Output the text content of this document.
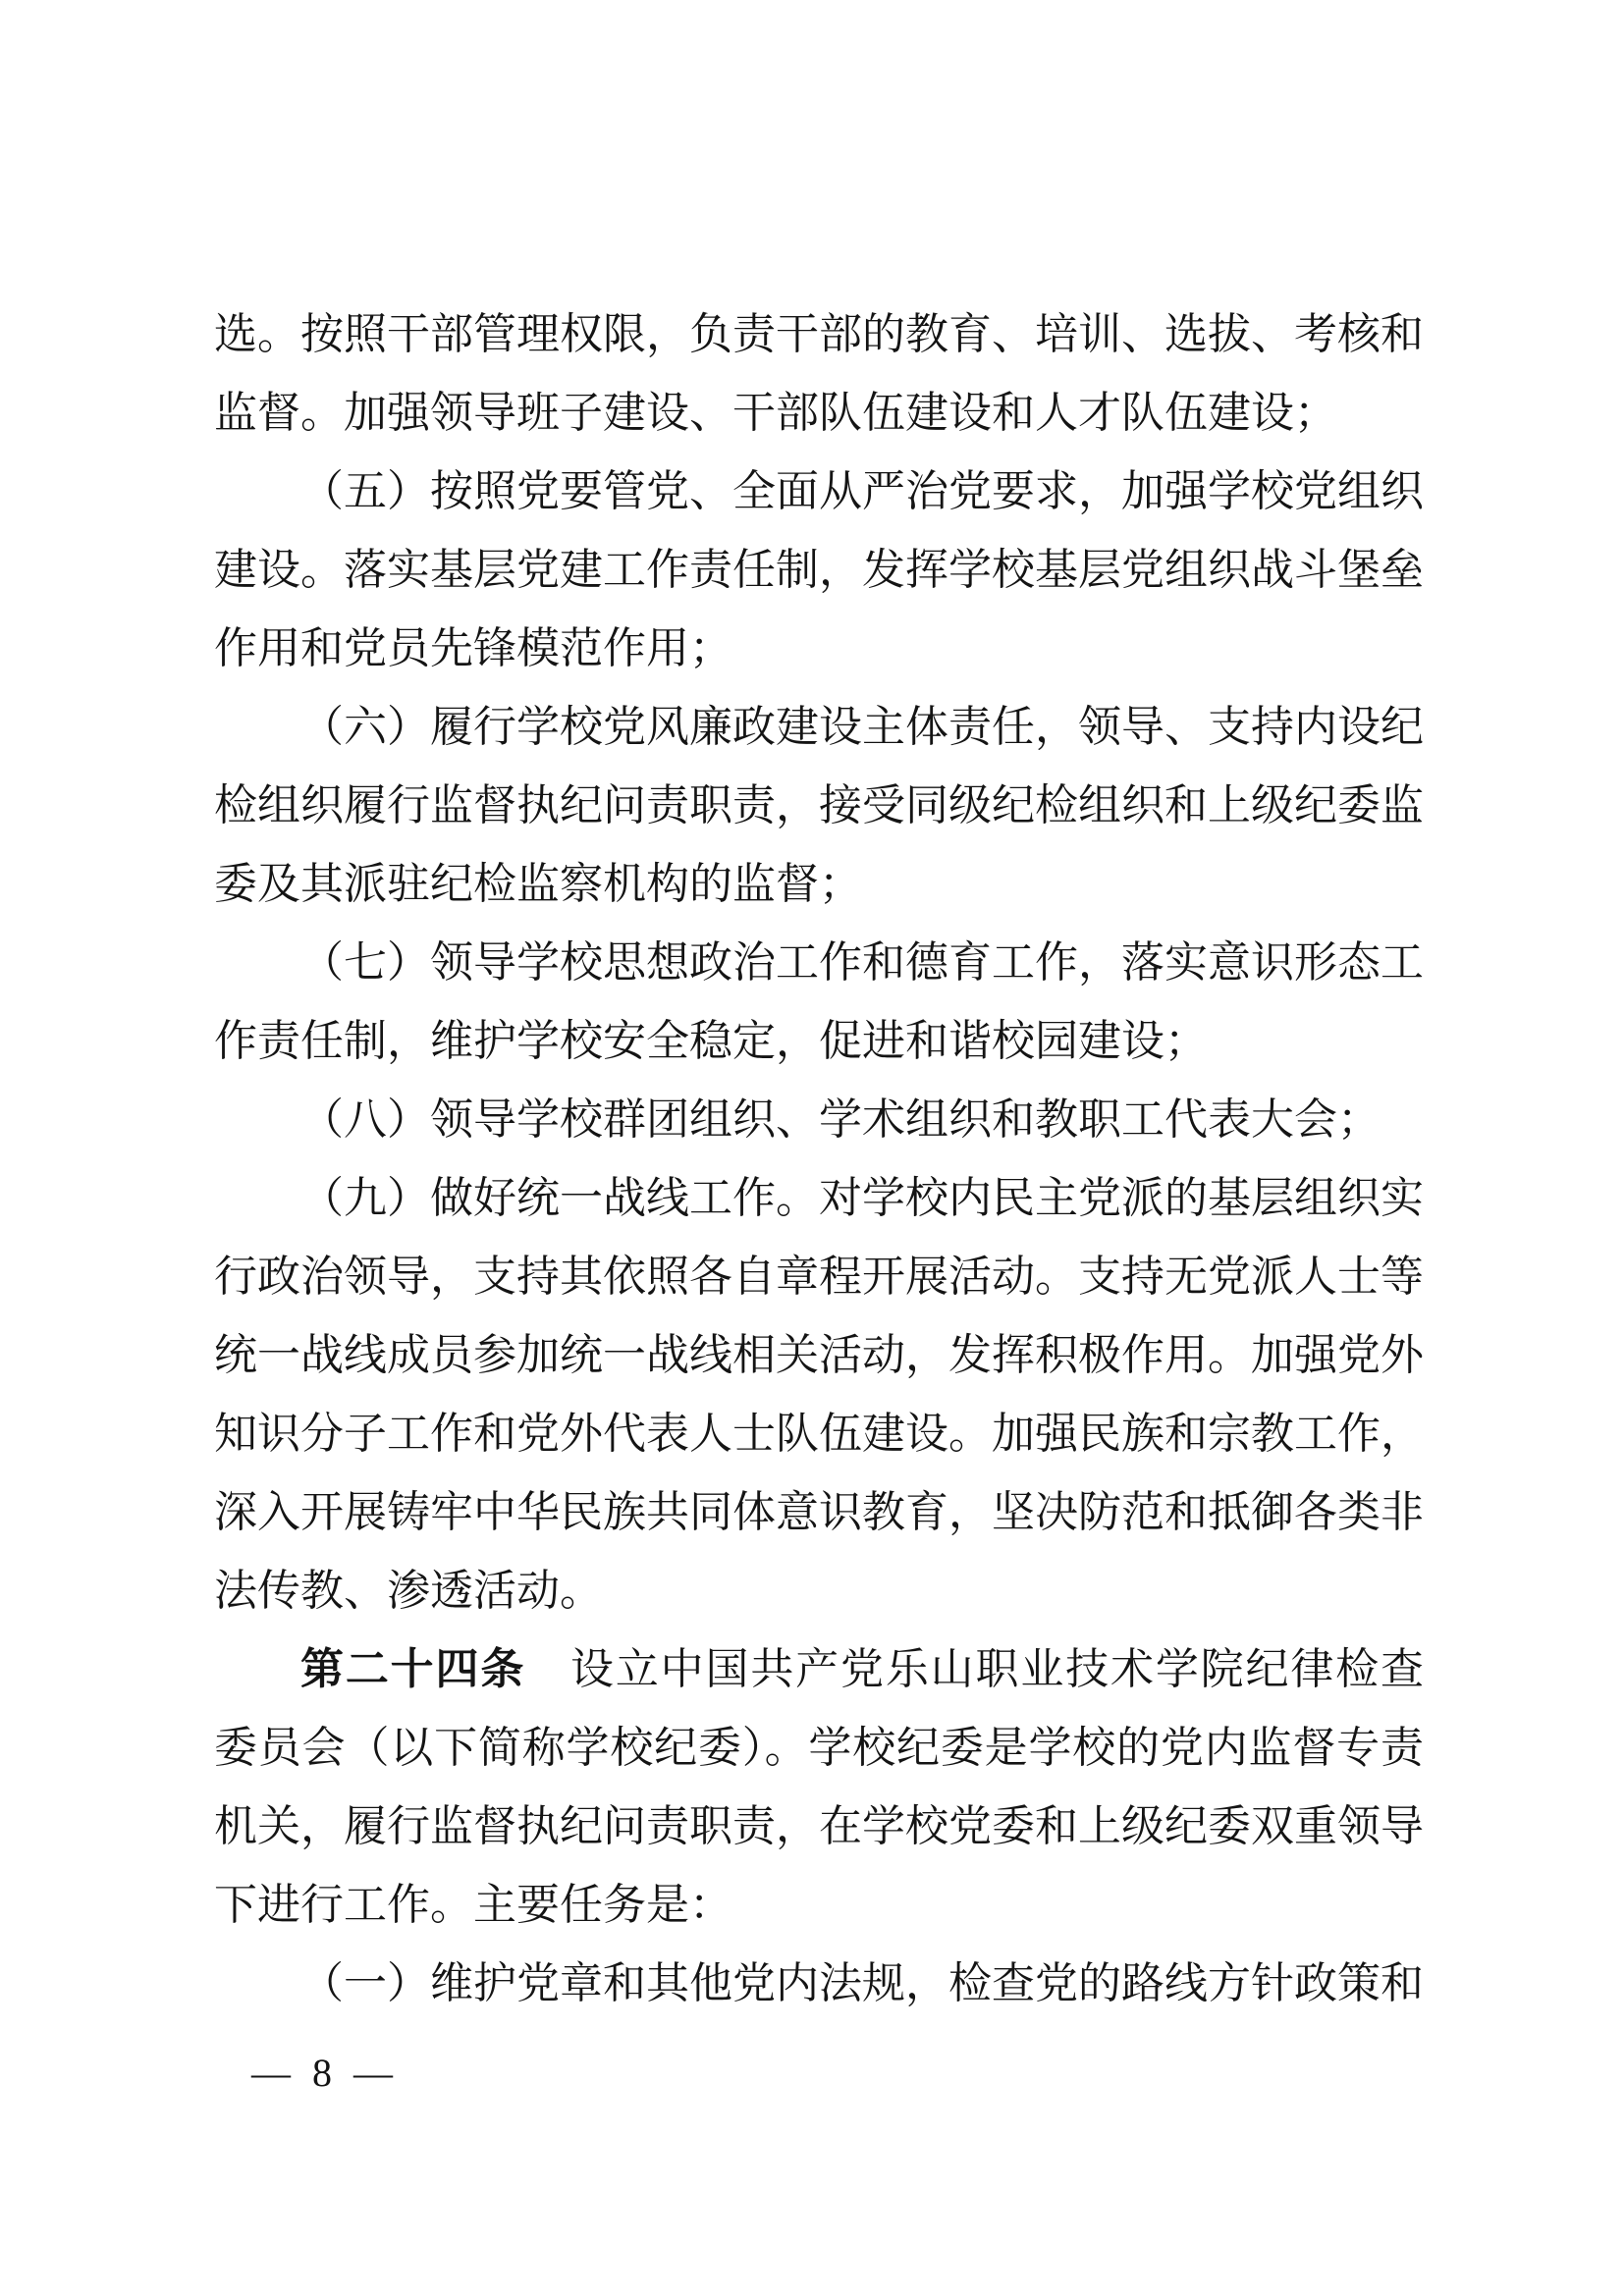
选。按照干部管理权限，负责干部的教育、培训、选拔、考核和
监督。加强领导班子建设、干部队伍建设和人才队伍建设；
（五）按照党要管党、全面从严治党要求，加强学校党组织
建设。落实基层党建工作责任制，发挥学校基层党组织战斗堡垒
作用和党员先锋模范作用；
（六）履行学校党风廉政建设主体责任，领导、支持内设纪
检组织履行监督执纪问责职责，接受同级纪检组织和上级纪委监
委及其派驻纪检监察机构的监督；
（七）领导学校思想政治工作和德育工作，落实意识形态工
作责任制，维护学校安全稳定，促进和谐校园建设；
（八）领导学校群团组织、学术组织和教职工代表大会；
（九）做好统一战线工作。对学校内民主党派的基层组织实
行政治领导，支持其依照各自章程开展活动。支持无党派人士等
统一战线成员参加统一战线相关活动，发挥积极作用。加强党外
知识分子工作和党外代表人士队伍建设。加强民族和宗教工作，
深入开展铸牢中华民族共同体意识教育，坚决防范和抵御各类非
法传教、渗透活动。
第二十四条　设立中国共产党乐山职业技术学院纪律检查
委员会（以下简称学校纪委）。学校纪委是学校的党内监督专责
机关，履行监督执纪问责职责，在学校党委和上级纪委双重领导
下进行工作。主要任务是：
（一）维护党章和其他党内法规，检查党的路线方针政策和
— 8 —
